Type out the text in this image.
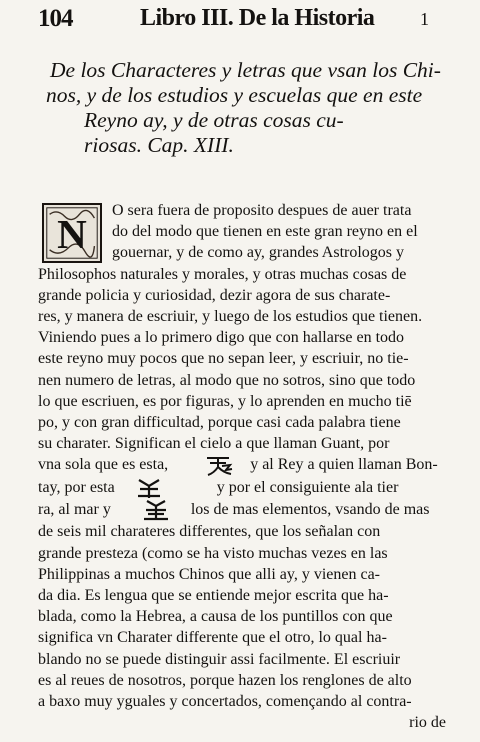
104	Libro III. De la Historia	1
De los Characteres y letras que vsan los Chi-
nos, y de los estudios y escuelas que en este
Reyno ay, y de otras cosas cu-
riosas. Cap. XIII.
N
O sera fuera de proposito despues de auer trata
do del modo que tienen en este gran reyno en el
gouernar, y de como ay, grandes Astrologos y
Philosophos naturales y morales, y otras muchas cosas de
grande policia y curiosidad, dezir agora de sus charate-
res, y manera de escriuir, y luego de los estudios que tienen.
Viniendo pues a lo primero digo que con hallarse en todo
este reyno muy pocos que no sepan leer, y escriuir, no tie-
nen numero de letras, al modo que no sotros, sino que todo
lo que escriuen, es por figuras, y lo aprenden en mucho tiē
po, y con gran difficultad, porque casi cada palabra tiene
su charater. Significan el cielo a que llaman Guant, por
vna sola que es esta,	y al Rey a quien llaman Bon-
tay, por esta	y por el consiguiente ala tier
ra, al mar y	los de mas elementos, vsando de mas
de seis mil charateres differentes, que los señalan con
grande presteza (como se ha visto muchas vezes en las
Philippinas a muchos Chinos que alli ay, y vienen ca-
da dia. Es lengua que se entiende mejor escrita que ha-
blada, como la Hebrea, a causa de los puntillos con que
significa vn Charater differente que el otro, lo qual ha-
blando no se puede distinguir assi facilmente. El escriuir
es al reues de nosotros, porque hazen los renglones de alto
a baxo muy yguales y concertados, començando al contra-
rio de
